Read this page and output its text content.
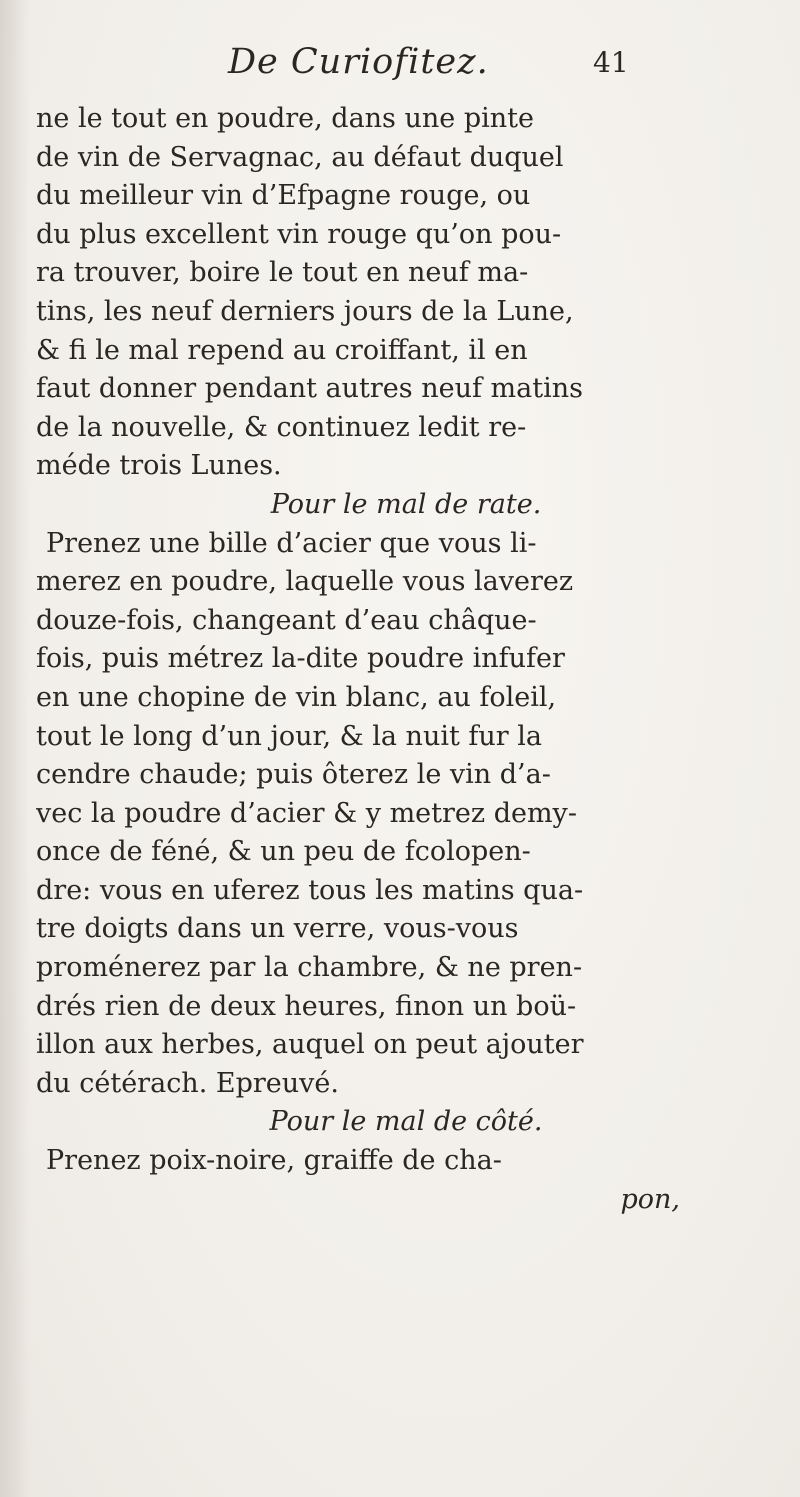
De Curiofitez.	41
ne le tout en poudre, dans une pinte
de vin de Servagnac, au défaut duquel
du meilleur vin d’Efpagne rouge, ou
du plus excellent vin rouge qu’on pou-
ra trouver, boire le tout en neuf ma-
tins, les neuf derniers jours de la Lune,
& fi le mal repend au croiffant, il en
faut donner pendant autres neuf matins
de la nouvelle, & continuez ledit re-
méde trois Lunes.
Pour le mal de rate.
Prenez une bille d’acier que vous li-
merez en poudre, laquelle vous laverez
douze-fois, changeant d’eau châque-
fois, puis métrez la-dite poudre infufer
en une chopine de vin blanc, au foleil,
tout le long d’un jour, & la nuit fur la
cendre chaude; puis ôterez le vin d’a-
vec la poudre d’acier & y metrez demy-
once de féné, & un peu de fcolopen-
dre: vous en uferez tous les matins qua-
tre doigts dans un verre, vous-vous
proménerez par la chambre, & ne pren-
drés rien de deux heures, finon un boü-
illon aux herbes, auquel on peut ajouter
du cétérach. Epreuvé.
Pour le mal de côté.
Prenez poix-noire, graiffe de cha-
pon,
